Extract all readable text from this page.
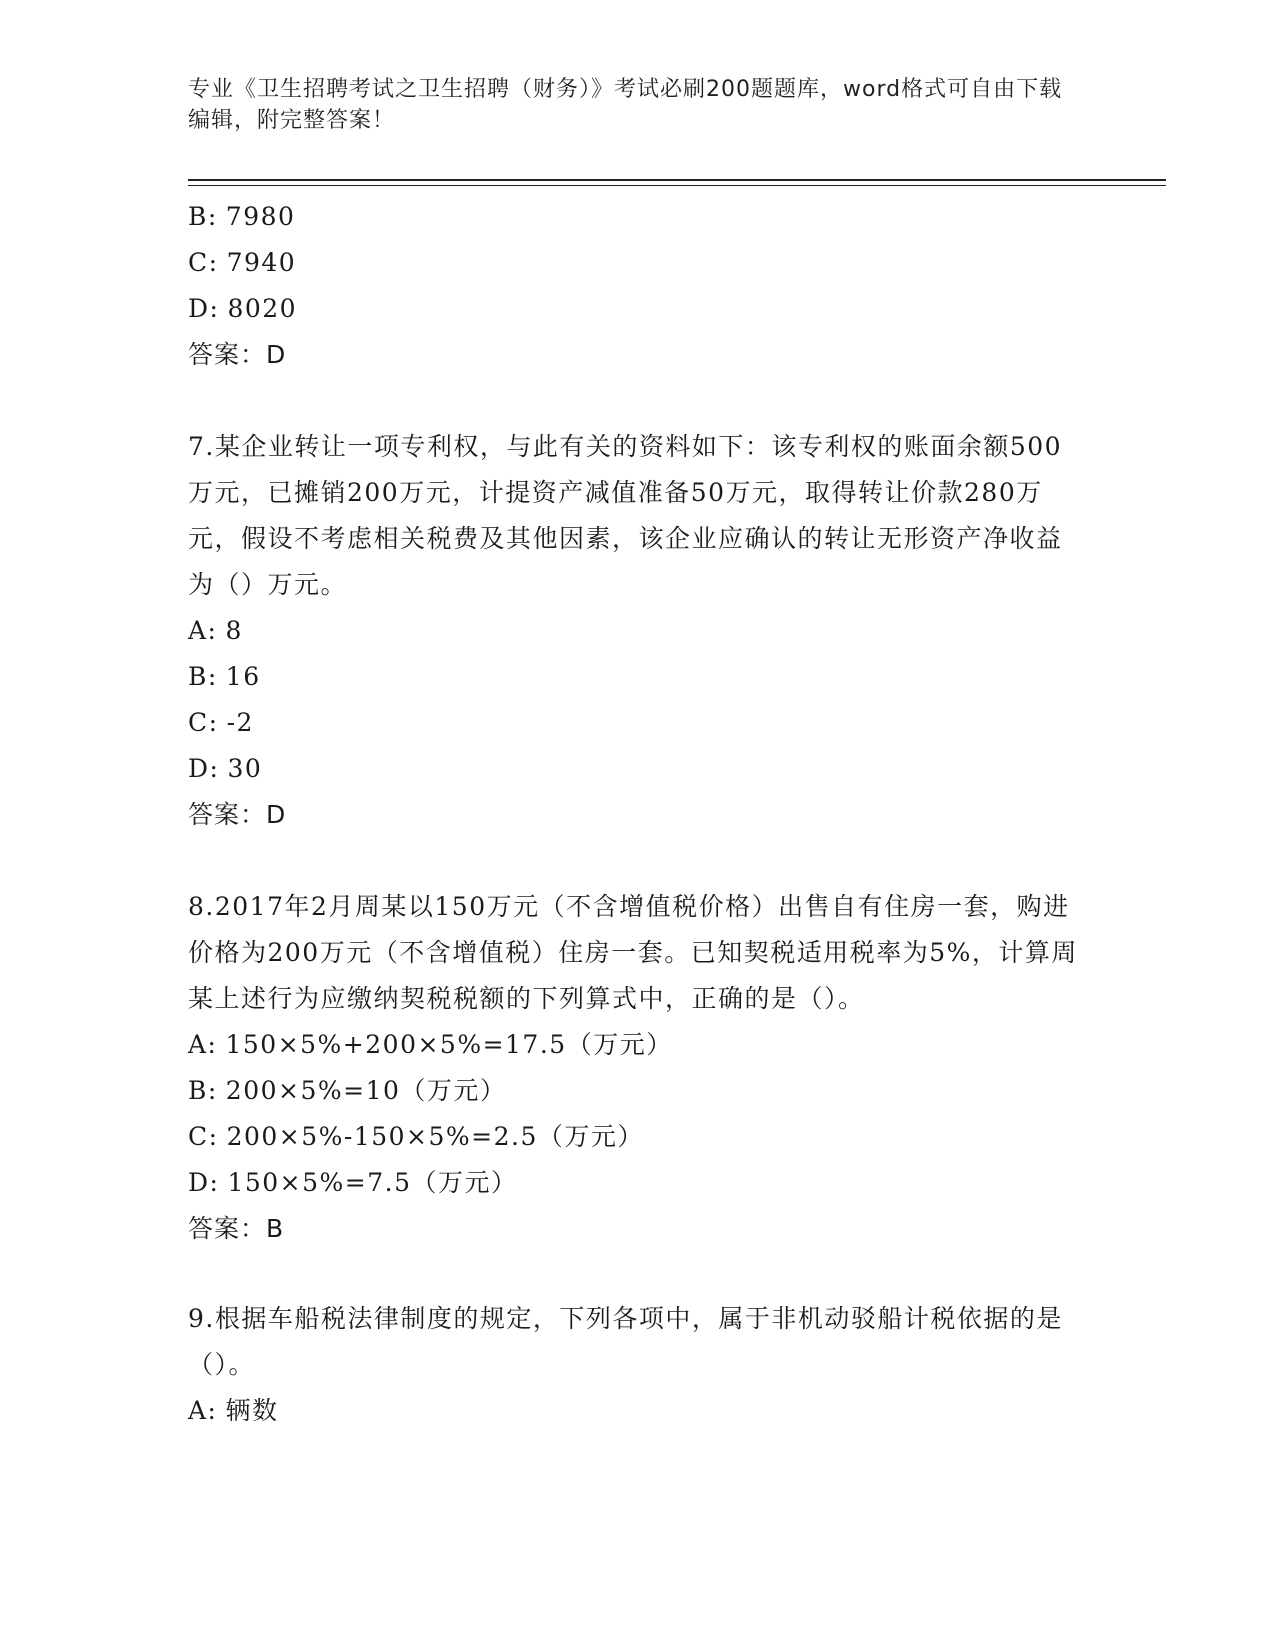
专业《卫生招聘考试之卫生招聘（财务）》考试必刷200题题库，word格式可自由下载编辑，附完整答案！
B: 7980
C: 7940
D: 8020
答案：D
7.某企业转让一项专利权，与此有关的资料如下：该专利权的账面余额500万元，已摊销200万元，计提资产减值准备50万元，取得转让价款280万元，假设不考虑相关税费及其他因素，该企业应确认的转让无形资产净收益为（）万元。
A: 8
B: 16
C: -2
D: 30
答案：D
8.2017年2月周某以150万元（不含增值税价格）出售自有住房一套，购进价格为200万元（不含增值税）住房一套。已知契税适用税率为5%，计算周某上述行为应缴纳契税税额的下列算式中，正确的是（）。
A: 150×5%+200×5%=17.5（万元）
B: 200×5%=10（万元）
C: 200×5%-150×5%=2.5（万元）
D: 150×5%=7.5（万元）
答案：B
9.根据车船税法律制度的规定，下列各项中，属于非机动驳船计税依据的是（）。
A: 辆数
